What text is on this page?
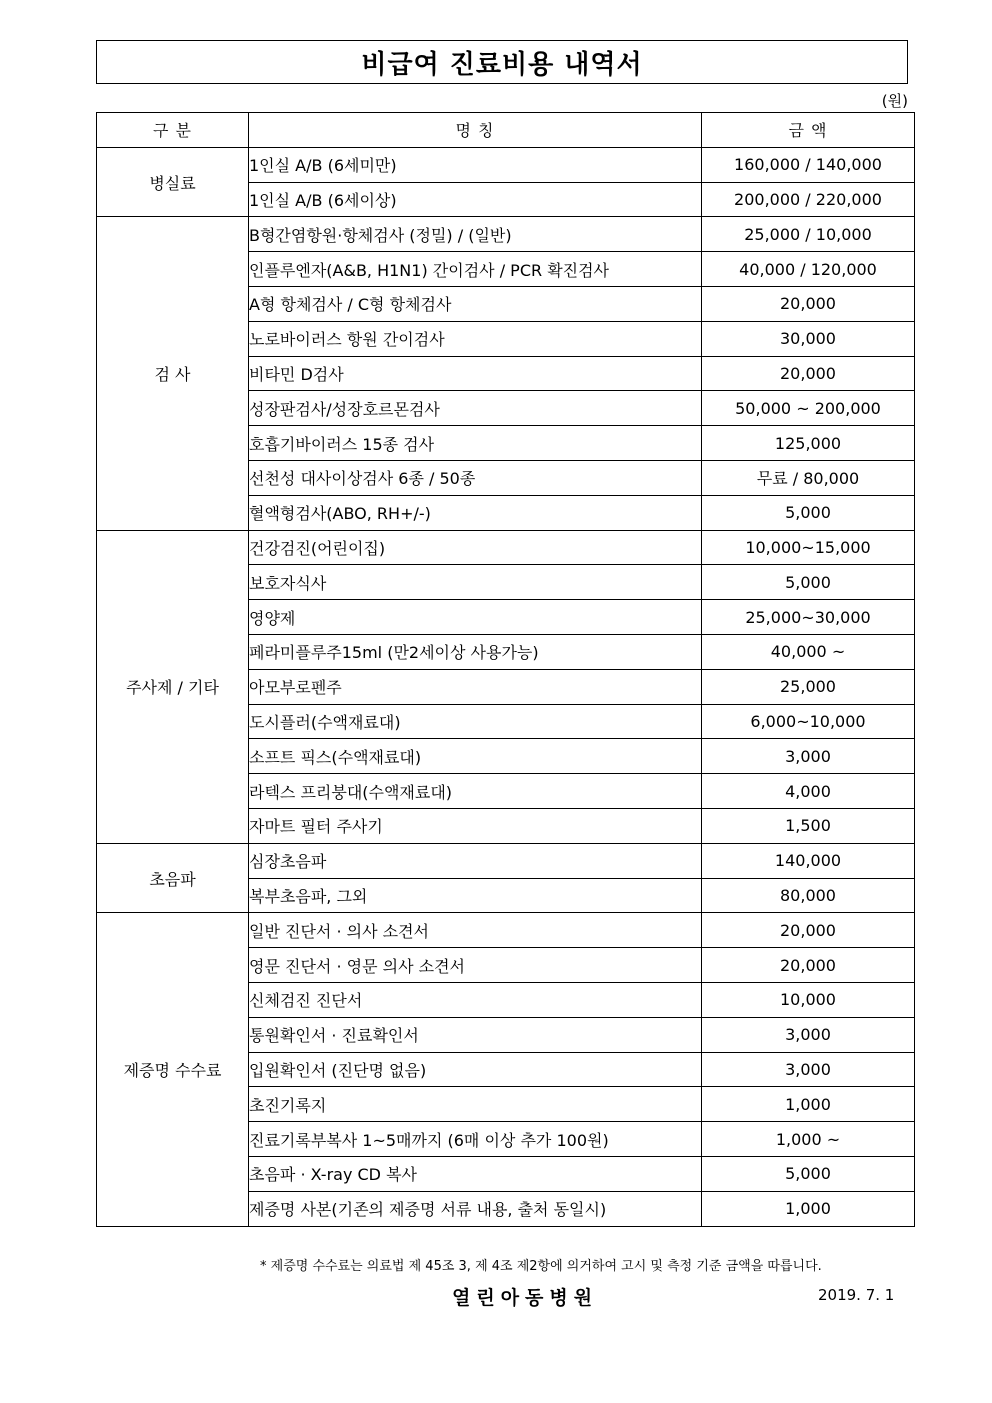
비급여 진료비용 내역서
(원)
구 분	명 칭	금 액
병실료	1인실 A/B (6세미만)	160,000 / 140,000
	1인실 A/B (6세이상)	200,000 / 220,000
검 사	B형간염항원·항체검사 (정밀) / (일반)	25,000 / 10,000
	인플루엔자(A&B, H1N1) 간이검사 / PCR 확진검사	40,000 / 120,000
	A형 항체검사 / C형 항체검사	20,000
	노로바이러스 항원 간이검사	30,000
	비타민 D검사	20,000
	성장판검사/성장호르몬검사	50,000 ~ 200,000
	호흡기바이러스 15종 검사	125,000
	선천성 대사이상검사 6종 / 50종	무료 / 80,000
	혈액형검사(ABO, RH+/-)	5,000
주사제 / 기타	건강검진(어린이집)	10,000~15,000
	보호자식사	5,000
	영양제	25,000~30,000
	페라미플루주15ml (만2세이상 사용가능)	40,000 ~
	아모부로펜주	25,000
	도시플러(수액재료대)	6,000~10,000
	소프트 픽스(수액재료대)	3,000
	라텍스 프리붕대(수액재료대)	4,000
	자마트 필터 주사기	1,500
초음파	심장초음파	140,000
	복부초음파, 그외	80,000
제증명 수수료	일반 진단서 · 의사 소견서	20,000
	영문 진단서 · 영문 의사 소견서	20,000
	신체검진 진단서	10,000
	통원확인서 · 진료확인서	3,000
	입원확인서 (진단명 없음)	3,000
	초진기록지	1,000
	진료기록부복사 1~5매까지 (6매 이상 추가 100원)	1,000 ~
	초음파 · X-ray CD 복사	5,000
	제증명 사본(기존의 제증명 서류 내용, 출처 동일시)	1,000
* 제증명 수수료는 의료법 제 45조 3, 제 4조 제2항에 의거하여 고시 및 측정 기준 금액을 따릅니다.
열린아동병원	2019. 7. 1
